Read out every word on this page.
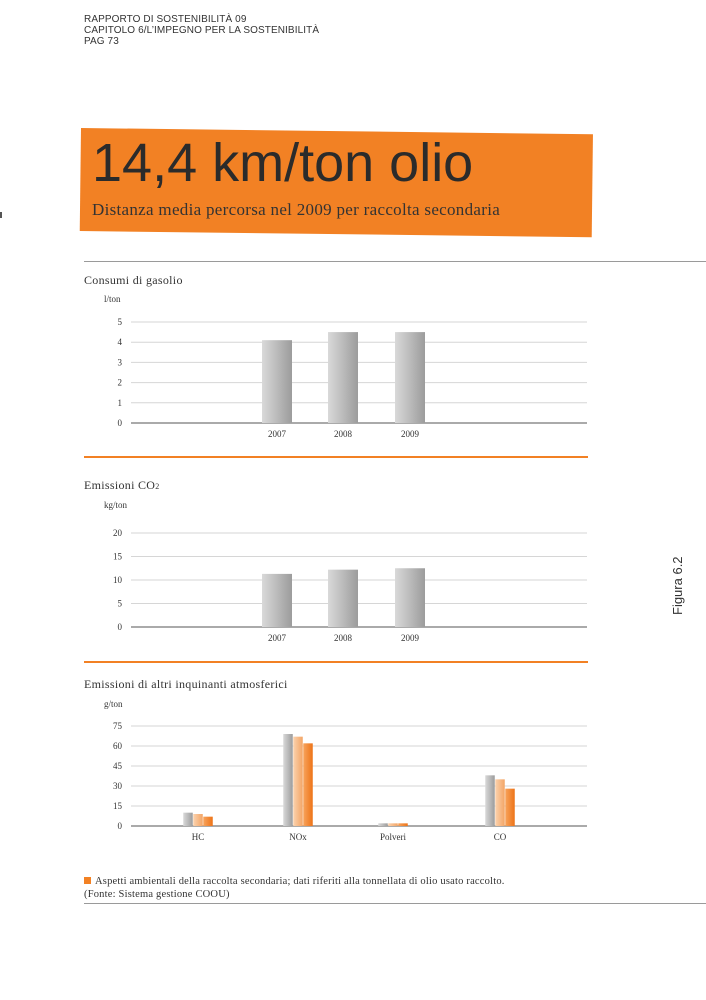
RAPPORTO DI SOSTENIBILITÀ 09
CAPITOLO 6/L’IMPEGNO PER LA SOSTENIBILITÀ
PAG 73
14,4 km/ton olio
Distanza media percorsa nel 2009 per raccolta secondaria
Consumi di gasolio
l/ton
0
1
2
3
4
5
2007	2008	2009
Emissioni CO2
kg/ton
0
5
10
15
20
2007	2008	2009
Emissioni di altri inquinanti atmosferici
g/ton
0
15
30
45
60
75
HC	NOx	Polveri	CO
Figura 6.2
Aspetti ambientali della raccolta secondaria; dati riferiti alla tonnellata di olio usato raccolto.
(Fonte: Sistema gestione COOU)
